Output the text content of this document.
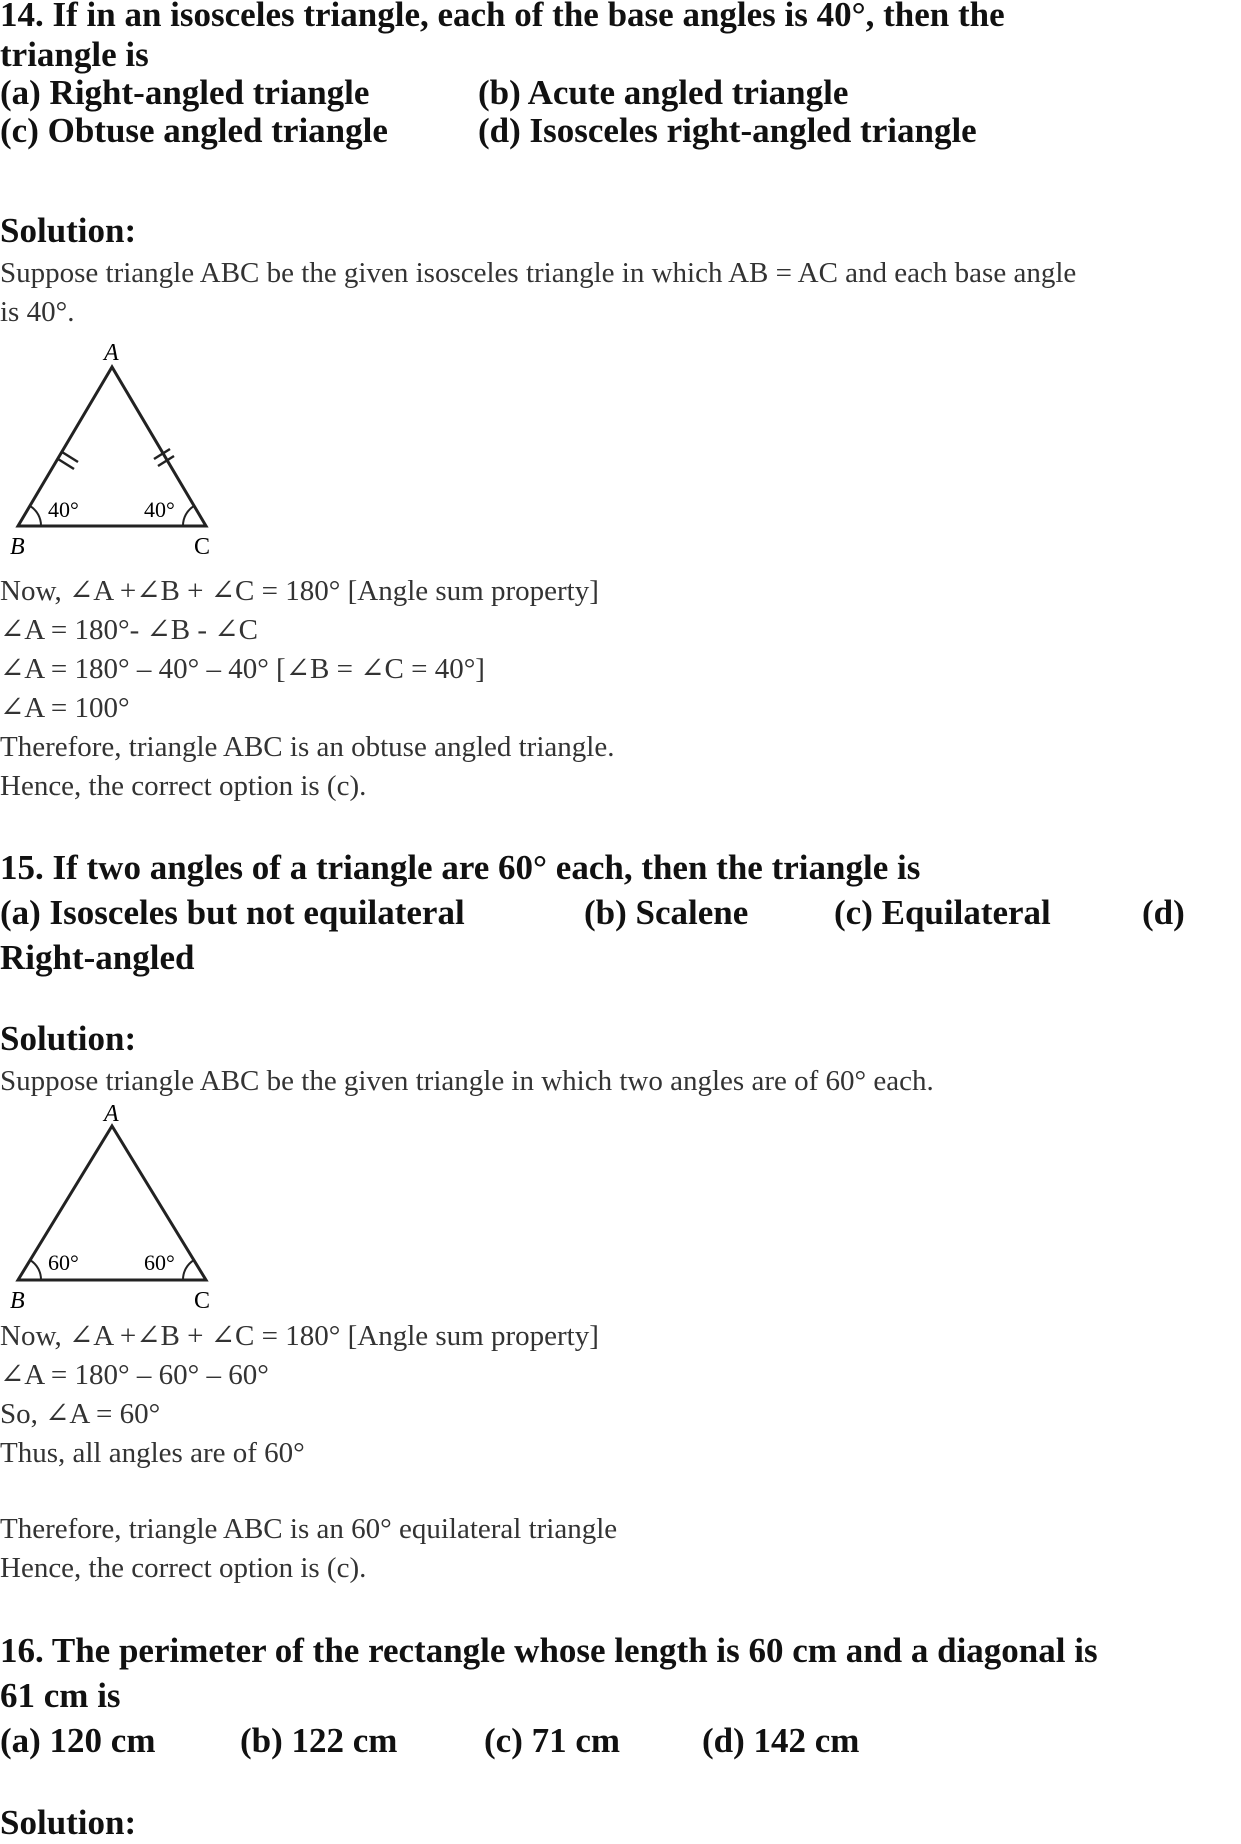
14. If in an isosceles triangle, each of the base angles is 40°, then the
triangle is
(a) Right-angled triangle	(b) Acute angled triangle
(c) Obtuse angled triangle	(d) Isosceles right-angled triangle
Solution:
Suppose triangle ABC be the given isosceles triangle in which AB = AC and each base angle
is 40°.
A
B	C
40°	40°
Now, ∠A +∠B + ∠C = 180° [Angle sum property]
∠A = 180°- ∠B - ∠C
∠A = 180° – 40° – 40° [∠B = ∠C = 40°]
∠A = 100°
Therefore, triangle ABC is an obtuse angled triangle.
Hence, the correct option is (c).
15. If two angles of a triangle are 60° each, then the triangle is
(a) Isosceles but not equilateral	(b) Scalene (c) Equilateral	(d)
Right-angled
Solution:
Suppose triangle ABC be the given triangle in which two angles are of 60° each.
A
B	C
60°	60°
Now, ∠A +∠B + ∠C = 180° [Angle sum property]
∠A = 180° – 60° – 60°
So, ∠A = 60°
Thus, all angles are of 60°
Therefore, triangle ABC is an 60° equilateral triangle
Hence, the correct option is (c).
16. The perimeter of the rectangle whose length is 60 cm and a diagonal is
61 cm is
(a) 120 cm (b) 122 cm (c) 71 cm (d) 142 cm
Solution:
